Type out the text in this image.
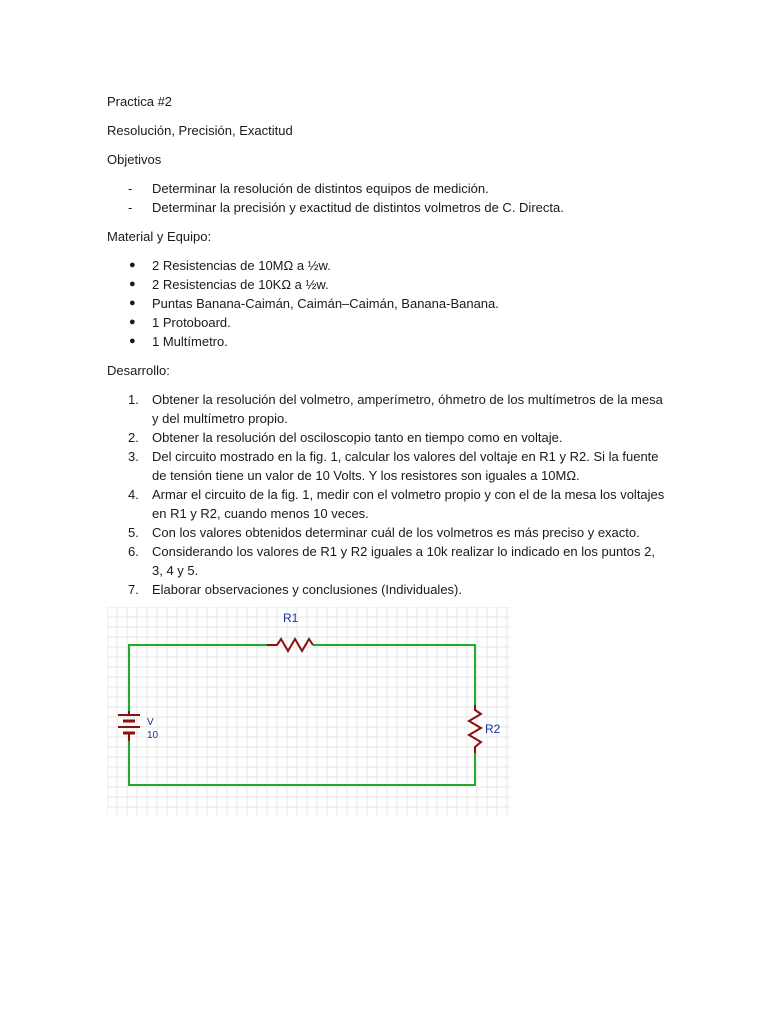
Practica #2

Resolución, Precisión, Exactitud

Objetivos

- Determinar la resolución de distintos equipos de medición.
- Determinar la precisión y exactitud de distintos volmetros de C. Directa.

Material y Equipo:

● 2 Resistencias de 10MΩ a ½w.
● 2 Resistencias de 10KΩ a ½w.
● Puntas Banana-Caimán, Caimán–Caimán, Banana-Banana.
● 1 Protoboard.
● 1 Multímetro.

Desarrollo:

1. Obtener la resolución del volmetro, amperímetro, óhmetro de los multímetros de la mesa y del multímetro propio.
2. Obtener la resolución del osciloscopio tanto en tiempo como en voltaje.
3. Del circuito mostrado en la fig. 1, calcular los valores del voltaje en R1 y R2. Si la fuente de tensión tiene un valor de 10 Volts. Y los resistores son iguales a 10MΩ.
4. Armar el circuito de la fig. 1, medir con el volmetro propio y con el de la mesa los voltajes en R1 y R2, cuando menos 10 veces.
5. Con los valores obtenidos determinar cuál de los volmetros es más preciso y exacto.
6. Considerando los valores de R1 y R2 iguales a 10k realizar lo indicado en los puntos 2, 3, 4 y 5.
7. Elaborar observaciones y conclusiones (Individuales).
R1
R2
V
10
